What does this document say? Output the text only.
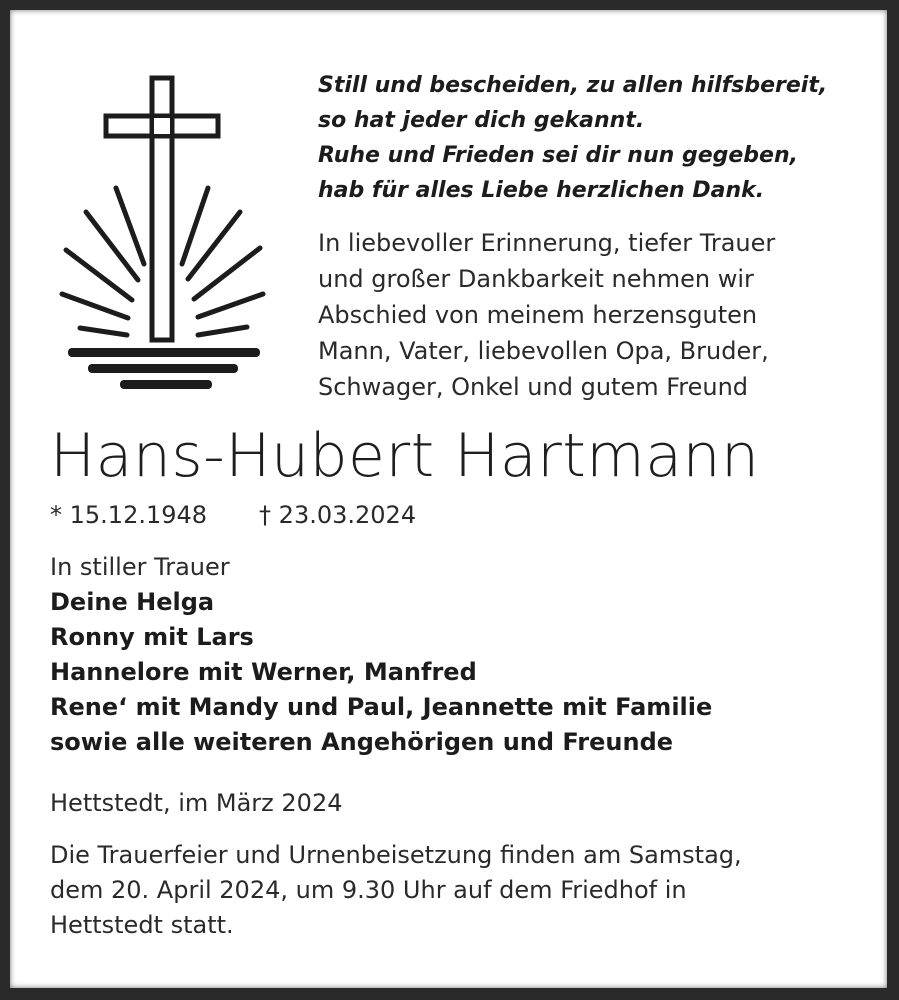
Still und bescheiden, zu allen hilfsbereit,
so hat jeder dich gekannt.
Ruhe und Frieden sei dir nun gegeben,
hab für alles Liebe herzlichen Dank.
In liebevoller Erinnerung, tiefer Trauer
und großer Dankbarkeit nehmen wir
Abschied von meinem herzensguten
Mann, Vater, liebevollen Opa, Bruder,
Schwager, Onkel und gutem Freund
Hans-Hubert Hartmann
* 15.12.1948 † 23.03.2024
In stiller Trauer
Deine Helga
Ronny mit Lars
Hannelore mit Werner, Manfred
Rene‘ mit Mandy und Paul, Jeannette mit Familie
sowie alle weiteren Angehörigen und Freunde
Hettstedt, im März 2024
Die Trauerfeier und Urnenbeisetzung finden am Samstag,
dem 20. April 2024, um 9.30 Uhr auf dem Friedhof in
Hettstedt statt.
